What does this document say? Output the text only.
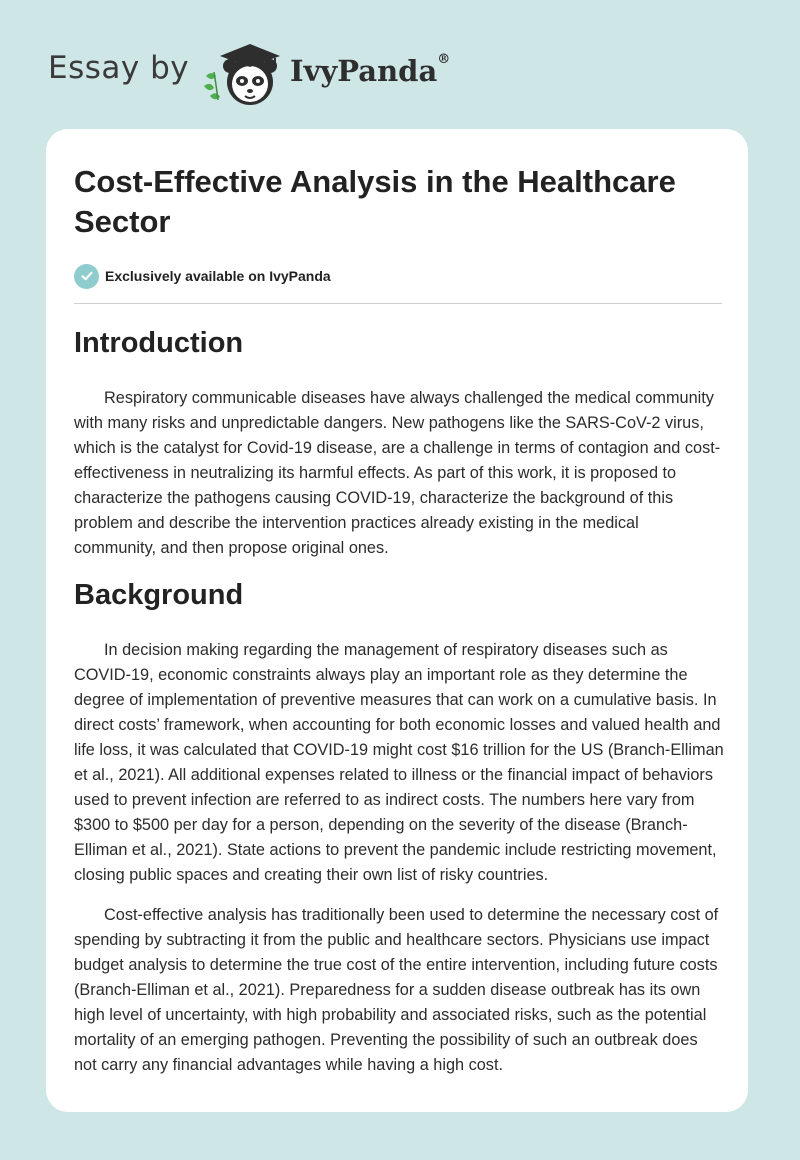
Essay by	IvyPanda®
Cost-Effective Analysis in the Healthcare Sector
Exclusively available on IvyPanda
Introduction

Respiratory communicable diseases have always challenged the medical community with many risks and unpredictable dangers. New pathogens like the SARS-CoV-2 virus, which is the catalyst for Covid-19 disease, are a challenge in terms of contagion and cost-effectiveness in neutralizing its harmful effects. As part of this work, it is proposed to characterize the pathogens causing COVID-19, characterize the background of this problem and describe the intervention practices already existing in the medical community, and then propose original ones.

Background

In decision making regarding the management of respiratory diseases such as COVID-19, economic constraints always play an important role as they determine the degree of implementation of preventive measures that can work on a cumulative basis. In direct costs’ framework, when accounting for both economic losses and valued health and life loss, it was calculated that COVID-19 might cost $16 trillion for the US (Branch-Elliman et al., 2021). All additional expenses related to illness or the financial impact of behaviors used to prevent infection are referred to as indirect costs. The numbers here vary from $300 to $500 per day for a person, depending on the severity of the disease (Branch-Elliman et al., 2021). State actions to prevent the pandemic include restricting movement, closing public spaces and creating their own list of risky countries.

Cost-effective analysis has traditionally been used to determine the necessary cost of spending by subtracting it from the public and healthcare sectors. Physicians use impact budget analysis to determine the true cost of the entire intervention, including future costs (Branch-Elliman et al., 2021). Preparedness for a sudden disease outbreak has its own high level of uncertainty, with high probability and associated risks, such as the potential mortality of an emerging pathogen. Preventing the possibility of such an outbreak does not carry any financial advantages while having a high cost.
